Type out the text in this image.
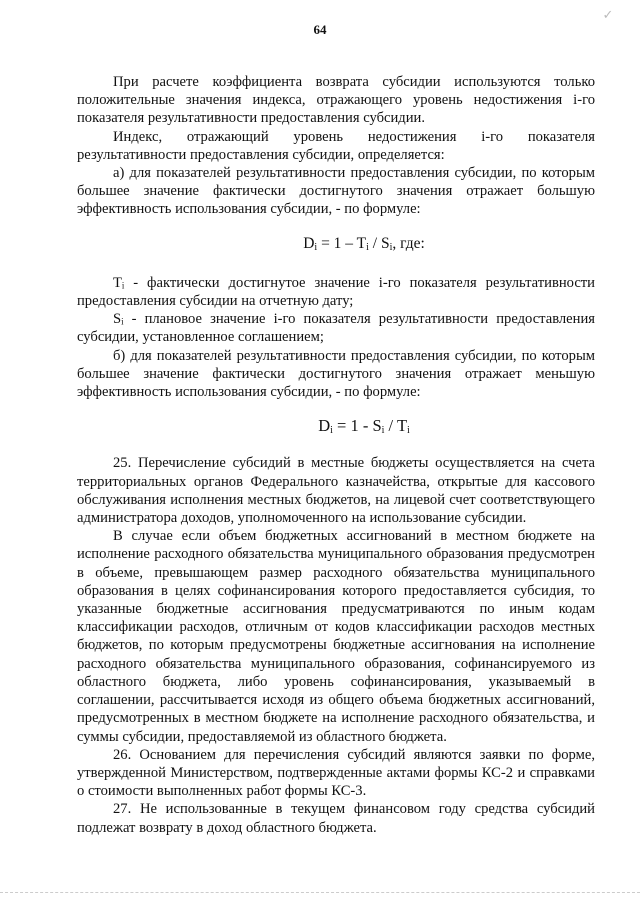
64
✓

При расчете коэффициента возврата субсидии используются только положительные значения индекса, отражающего уровень недостижения i-го показателя результативности предоставления субсидии.

Индекс, отражающий уровень недостижения i-го показателя результативности предоставления субсидии, определяется:

а) для показателей результативности предоставления субсидии, по которым большее значение фактически достигнутого значения отражает большую эффективность использования субсидии, - по формуле:

$D_i = 1 - T_i / S_i$, где:

Tᵢ - фактически достигнутое значение i-го показателя результативности предоставления субсидии на отчетную дату;

Sᵢ - плановое значение i-го показателя результативности предоставления субсидии, установленное соглашением;

б) для показателей результативности предоставления субсидии, по которым большее значение фактически достигнутого значения отражает меньшую эффективность использования субсидии, - по формуле:

$D_i = 1 - S_i / T_i$

25. Перечисление субсидий в местные бюджеты осуществляется на счета территориальных органов Федерального казначейства, открытые для кассового обслуживания исполнения местных бюджетов, на лицевой счет соответствующего администратора доходов, уполномоченного на использование субсидии.

В случае если объем бюджетных ассигнований в местном бюджете на исполнение расходного обязательства муниципального образования предусмотрен в объеме, превышающем размер расходного обязательства муниципального образования в целях софинансирования которого предоставляется субсидия, то указанные бюджетные ассигнования предусматриваются по иным кодам классификации расходов, отличным от кодов классификации расходов местных бюджетов, по которым предусмотрены бюджетные ассигнования на исполнение расходного обязательства муниципального образования, софинансируемого из областного бюджета, либо уровень софинансирования, указываемый в соглашении, рассчитывается исходя из общего объема бюджетных ассигнований, предусмотренных в местном бюджете на исполнение расходного обязательства, и суммы субсидии, предоставляемой из областного бюджета.

26. Основанием для перечисления субсидий являются заявки по форме, утвержденной Министерством, подтвержденные актами формы КС-2 и справками о стоимости выполненных работ формы КС-3.

27. Не использованные в текущем финансовом году средства субсидий подлежат возврату в доход областного бюджета.
